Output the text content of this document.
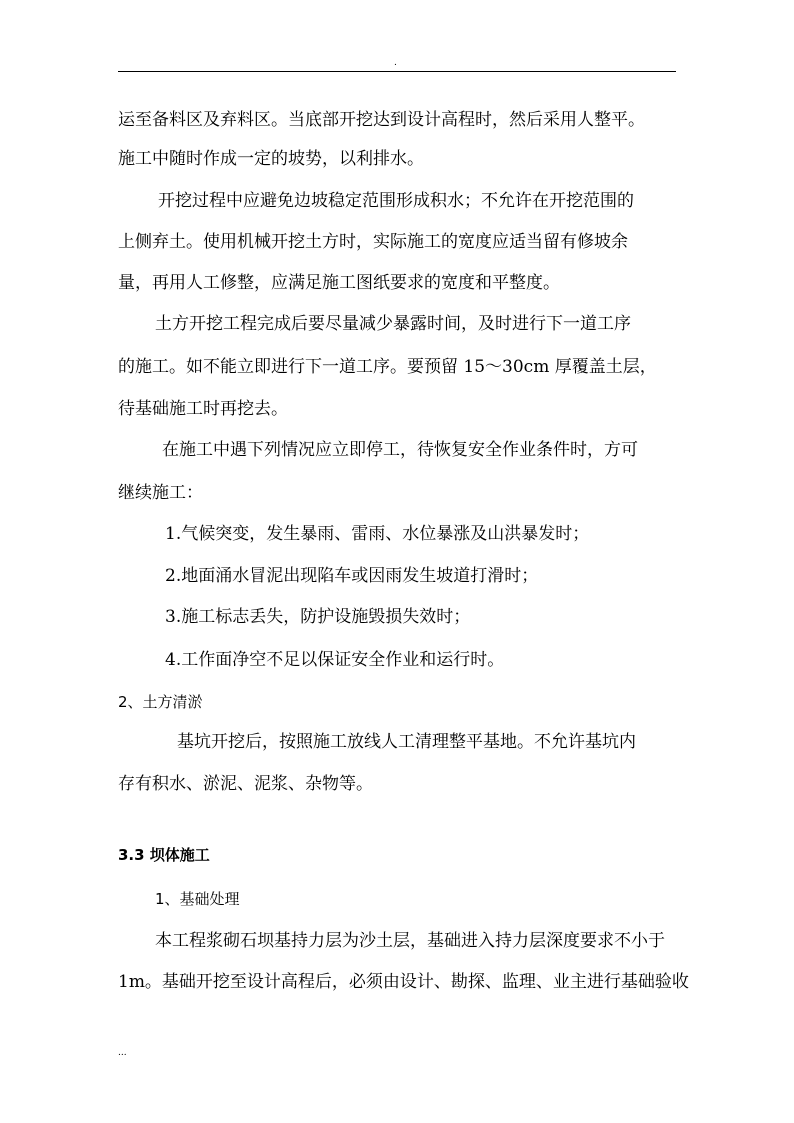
.
运至备料区及弃料区。当底部开挖达到设计高程时，然后采用人整平。
施工中随时作成一定的坡势，以利排水。
开挖过程中应避免边坡稳定范围形成积水；不允许在开挖范围的
上侧弃土。使用机械开挖土方时，实际施工的宽度应适当留有修坡余
量，再用人工修整，应满足施工图纸要求的宽度和平整度。
土方开挖工程完成后要尽量减少暴露时间，及时进行下一道工序
的施工。如不能立即进行下一道工序。要预留 15～30cm 厚覆盖土层，
待基础施工时再挖去。
在施工中遇下列情况应立即停工，待恢复安全作业条件时，方可
继续施工：
1.气候突变，发生暴雨、雷雨、水位暴涨及山洪暴发时；
2.地面涌水冒泥出现陷车或因雨发生坡道打滑时；
3.施工标志丢失，防护设施毁损失效时；
4.工作面净空不足以保证安全作业和运行时。
2、土方清淤
基坑开挖后，按照施工放线人工清理整平基地。不允许基坑内
存有积水、淤泥、泥浆、杂物等。
3.3 坝体施工
1、基础处理
本工程浆砌石坝基持力层为沙土层，基础进入持力层深度要求不小于
1m。基础开挖至设计高程后，必须由设计、勘探、监理、业主进行基础验收
...
